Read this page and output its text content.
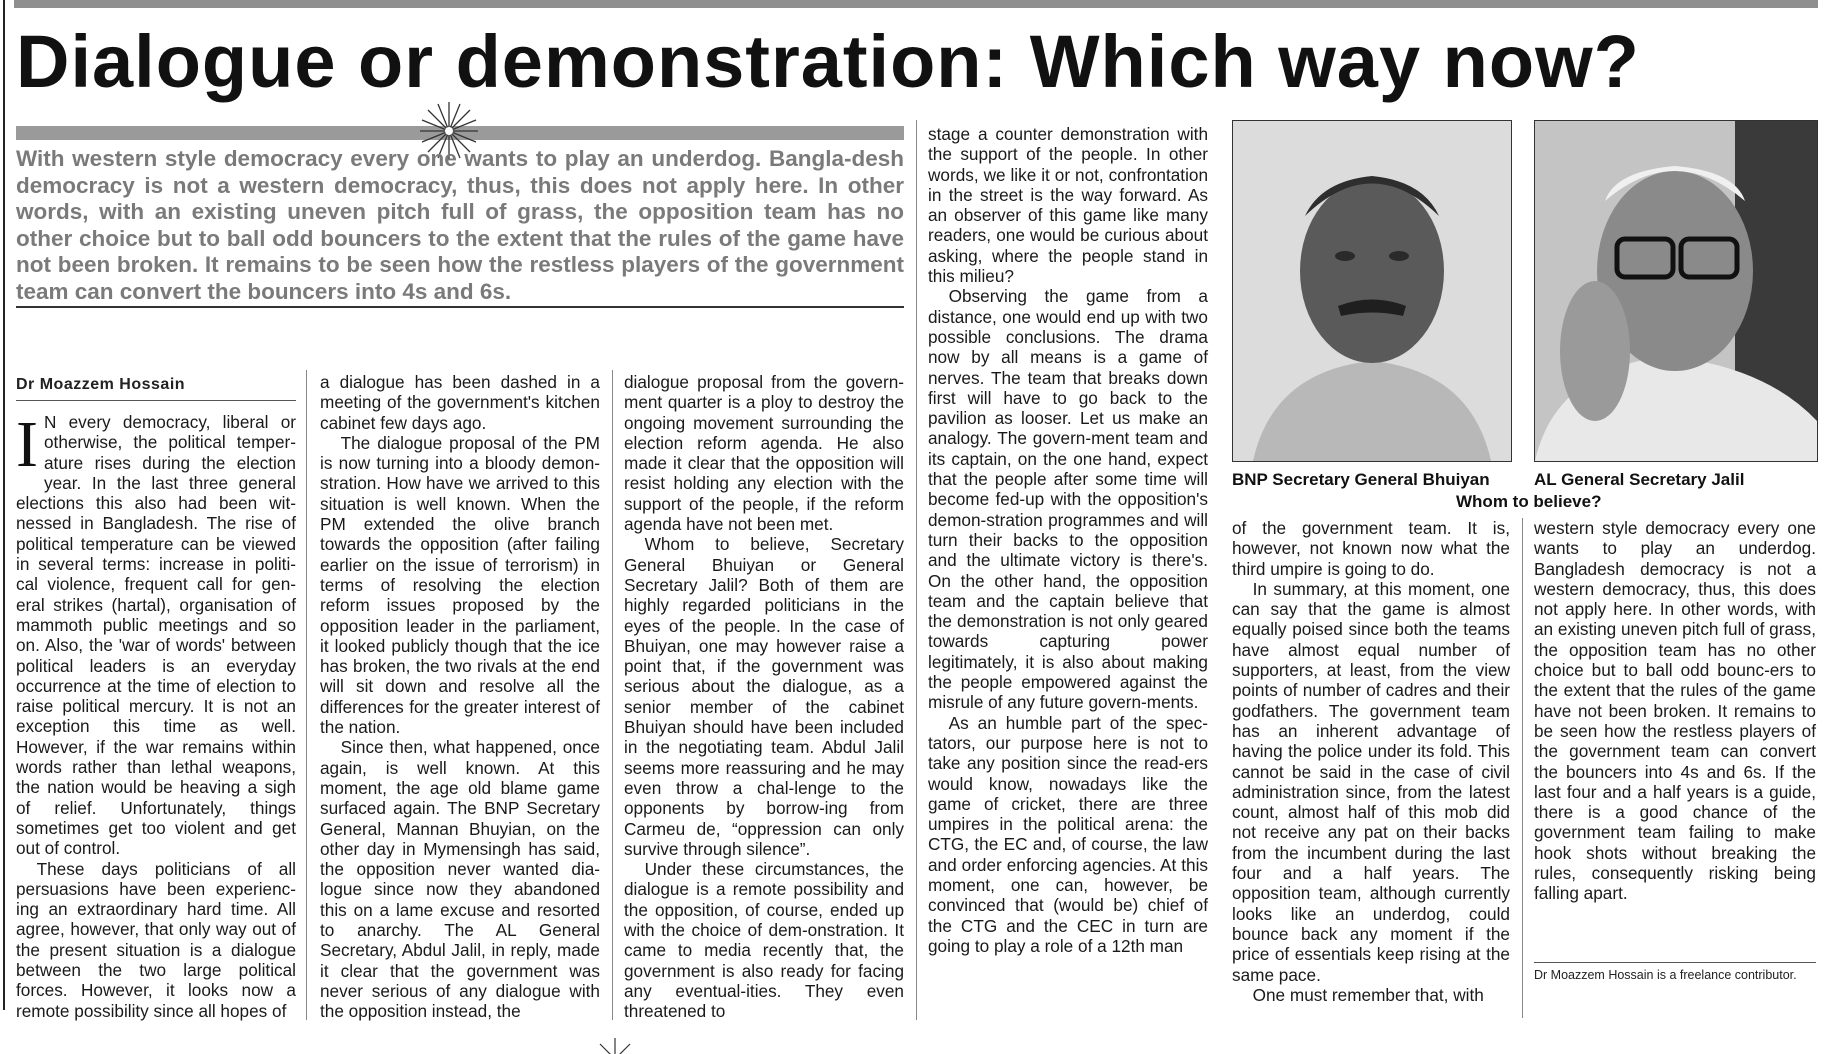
Dialogue or demonstration: Which way now?

With western style democracy every one wants to play an underdog. Bangla-desh democracy is not a western democracy, thus, this does not apply here. In other words, with an existing uneven pitch full of grass, the opposition team has no other choice but to ball odd bouncers to the extent that the rules of the game have not been broken. It remains to be seen how the restless players of the government team can convert the bouncers into 4s and 6s.

Dr Moazzem Hossain

I N every democracy, liberal or otherwise, the political temper-ature rises during the election year. In the last three general elections this also had been wit-nessed in Bangladesh. The rise of political temperature can be viewed in several terms: increase in politi-cal violence, frequent call for gen-eral strikes (hartal), organisation of mammoth public meetings and so on. Also, the 'war of words' between political leaders is an everyday occurrence at the time of election to raise political mercury. It is not an exception this time as well. However, if the war remains within words rather than lethal weapons, the nation would be heaving a sigh of relief. Unfortunately, things sometimes get too violent and get out of control.

These days politicians of all persuasions have been experienc-ing an extraordinary hard time. All agree, however, that only way out of the present situation is a dialogue between the two large political forces. However, it looks now a remote possibility since all hopes of

a dialogue has been dashed in a meeting of the government's kitchen cabinet few days ago.

The dialogue proposal of the PM is now turning into a bloody demon-stration. How have we arrived to this situation is well known. When the PM extended the olive branch towards the opposition (after failing earlier on the issue of terrorism) in terms of resolving the election reform issues proposed by the opposition leader in the parliament, it looked publicly though that the ice has broken, the two rivals at the end will sit down and resolve all the differences for the greater interest of the nation.

Since then, what happened, once again, is well known. At this moment, the age old blame game surfaced again. The BNP Secretary General, Mannan Bhuyian, on the other day in Mymensingh has said, the opposition never wanted dia-logue since now they abandoned this on a lame excuse and resorted to anarchy. The AL General Secretary, Abdul Jalil, in reply, made it clear that the government was never serious of any dialogue with the opposition instead, the

dialogue proposal from the govern-ment quarter is a ploy to destroy the ongoing movement surrounding the election reform agenda. He also made it clear that the opposition will resist holding any election with the support of the people, if the reform agenda have not been met.

Whom to believe, Secretary General Bhuiyan or General Secretary Jalil? Both of them are highly regarded politicians in the eyes of the people. In the case of Bhuiyan, one may however raise a point that, if the government was serious about the dialogue, as a senior member of the cabinet Bhuiyan should have been included in the negotiating team. Abdul Jalil seems more reassuring and he may even throw a chal-lenge to the opponents by borrow-ing from Carmeu de, “oppression can only survive through silence”.

Under these circumstances, the dialogue is a remote possibility and the opposition, of course, ended up with the choice of dem-onstration. It came to media recently that, the government is also ready for facing any eventual-ities. They even threatened to

stage a counter demonstration with the support of the people. In other words, we like it or not, confrontation in the street is the way forward. As an observer of this game like many readers, one would be curious about asking, where the people stand in this milieu?

Observing the game from a distance, one would end up with two possible conclusions. The drama now by all means is a game of nerves. The team that breaks down first will have to go back to the pavilion as looser. Let us make an analogy. The govern-ment team and its captain, on the one hand, expect that the people after some time will become fed-up with the opposition's demon-stration programmes and will turn their backs to the opposition and the ultimate victory is there's. On the other hand, the opposition team and the captain believe that the demonstration is not only geared towards capturing power legitimately, it is also about making the people empowered against the misrule of any future govern-ments.

As an humble part of the spec-tators, our purpose here is not to take any position since the read-ers would know, nowadays like the game of cricket, there are three umpires in the political arena: the CTG, the EC and, of course, the law and order enforcing agencies. At this moment, one can, however, be convinced that (would be) chief of the CTG and the CEC in turn are going to play a role of a 12th man

BNP Secretary General Bhuiyan	AL General Secretary Jalil
Whom to believe?

of the government team. It is, however, not known now what the third umpire is going to do.

In summary, at this moment, one can say that the game is almost equally poised since both the teams have almost equal number of supporters, at least, from the view points of number of cadres and their godfathers. The government team has an inherent advantage of having the police under its fold. This cannot be said in the case of civil administration since, from the latest count, almost half of this mob did not receive any pat on their backs from the incumbent during the last four and a half years. The opposition team, although currently looks like an underdog, could bounce back any moment if the price of essentials keep rising at the same pace.

One must remember that, with

western style democracy every one wants to play an underdog. Bangladesh democracy is not a western democracy, thus, this does not apply here. In other words, with an existing uneven pitch full of grass, the opposition team has no other choice but to ball odd bounc-ers to the extent that the rules of the game have not been broken. It remains to be seen how the restless players of the government team can convert the bouncers into 4s and 6s. If the last four and a half years is a guide, there is a good chance of the government team failing to make hook shots without breaking the rules, consequently risking being falling apart.

Dr Moazzem Hossain is a freelance contributor.
